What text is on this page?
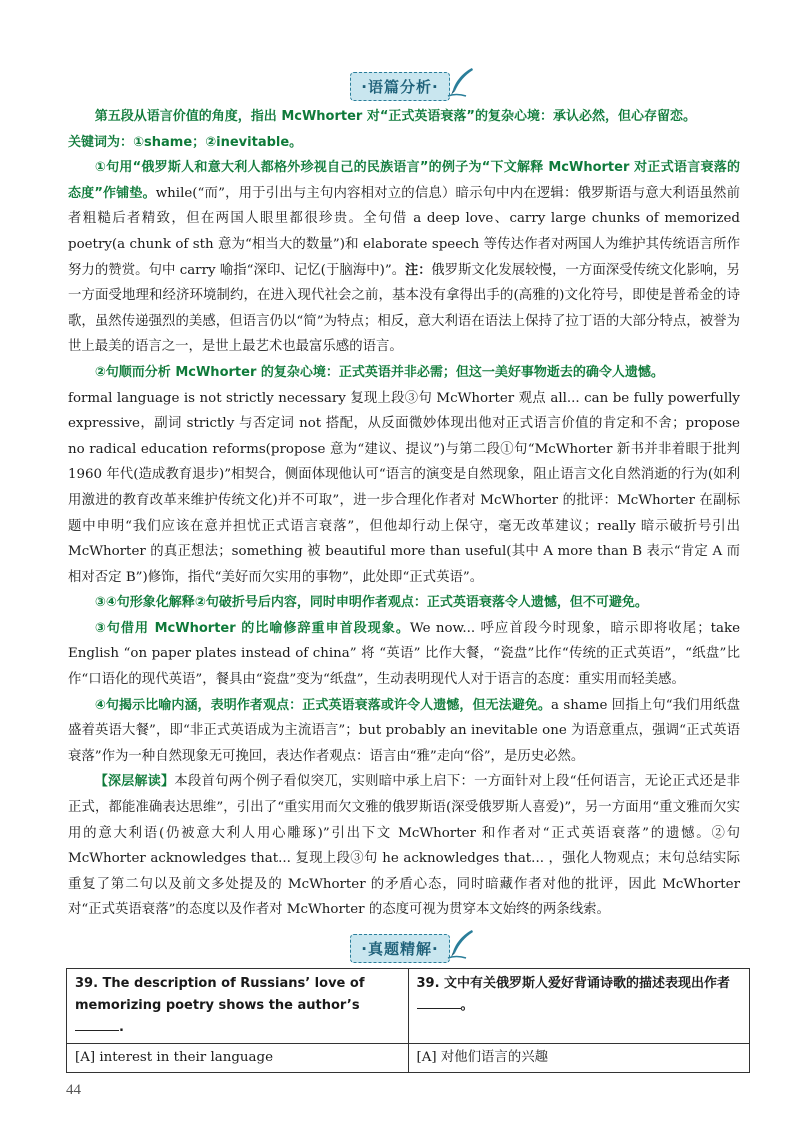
·语篇分析·

第五段从语言价值的角度，指出 McWhorter 对“正式英语衰落”的复杂心境：承认必然，但心存留恋。

关键词为：①shame；②inevitable。

①句用“俄罗斯人和意大利人都格外珍视自己的民族语言”的例子为“下文解释 McWhorter 对正式语言衰落的态度”作铺垫。while(“而”，用于引出与主句内容相对立的信息）暗示句中内在逻辑：俄罗斯语与意大利语虽然前者粗糙后者精致，但在两国人眼里都很珍贵。全句借 a deep love、carry large chunks of memorized poetry(a chunk of sth 意为“相当大的数量”)和 elaborate speech 等传达作者对两国人为维护其传统语言所作努力的赞赏。句中 carry 喻指“深印、记忆(于脑海中)”。注：俄罗斯文化发展较慢，一方面深受传统文化影响，另一方面受地理和经济环境制约，在进入现代社会之前，基本没有拿得出手的(高雅的)文化符号，即使是普希金的诗歌，虽然传递强烈的美感，但语言仍以“简”为特点；相反，意大利语在语法上保持了拉丁语的大部分特点，被誉为世上最美的语言之一，是世上最艺术也最富乐感的语言。

②句顺而分析 McWhorter 的复杂心境：正式英语并非必需；但这一美好事物逝去的确令人遗憾。

formal language is not strictly necessary 复现上段③句 McWhorter 观点 all... can be fully powerfully expressive，副词 strictly 与否定词 not 搭配，从反面微妙体现出他对正式语言价值的肯定和不舍；propose no radical education reforms(propose 意为“建议、提议”)与第二段①句“McWhorter 新书并非着眼于批判 1960 年代(造成教育退步)”相契合，侧面体现他认可“语言的演变是自然现象，阻止语言文化自然消逝的行为(如利用激进的教育改革来维护传统文化)并不可取”，进一步合理化作者对 McWhorter 的批评：McWhorter 在副标题中申明“我们应该在意并担忧正式语言衰落”，但他却行动上保守，毫无改革建议；really 暗示破折号引出 McWhorter 的真正想法；something 被 beautiful more than useful(其中 A more than B 表示“肯定 A 而相对否定 B”)修饰，指代“美好而欠实用的事物”，此处即“正式英语”。

③④句形象化解释②句破折号后内容，同时申明作者观点：正式英语衰落令人遗憾，但不可避免。

③句借用 McWhorter 的比喻修辞重申首段现象。We now... 呼应首段今时现象，暗示即将收尾；take English “on paper plates instead of china” 将 “英语” 比作大餐，“瓷盘”比作“传统的正式英语”，“纸盘”比作“口语化的现代英语”，餐具由“瓷盘”变为“纸盘”，生动表明现代人对于语言的态度：重实用而轻美感。

④句揭示比喻内涵，表明作者观点：正式英语衰落或许令人遗憾，但无法避免。a shame 回指上句“我们用纸盘盛着英语大餐”，即“非正式英语成为主流语言”；but probably an inevitable one 为语意重点，强调“正式英语衰落”作为一种自然现象无可挽回，表达作者观点：语言由“雅”走向“俗”，是历史必然。

【深层解读】本段首句两个例子看似突兀，实则暗中承上启下：一方面针对上段“任何语言，无论正式还是非正式，都能准确表达思维”，引出了“重实用而欠文雅的俄罗斯语(深受俄罗斯人喜爱)”，另一方面用“重文雅而欠实用的意大利语(仍被意大利人用心雕琢)”引出下文 McWhorter 和作者对“正式英语衰落”的遗憾。②句 McWhorter acknowledges that... 复现上段③句 he acknowledges that... ，强化人物观点；末句总结实际重复了第二句以及前文多处提及的 McWhorter 的矛盾心态，同时暗藏作者对他的批评，因此 McWhorter 对“正式英语衰落”的态度以及作者对 McWhorter 的态度可视为贯穿本文始终的两条线索。

·真题精解·
39. The description of Russians’ love of memorizing poetry shows the author’s .	39. 文中有关俄罗斯人爱好背诵诗歌的描述表现出作者。
[A] interest in their language	[A] 对他们语言的兴趣
44
